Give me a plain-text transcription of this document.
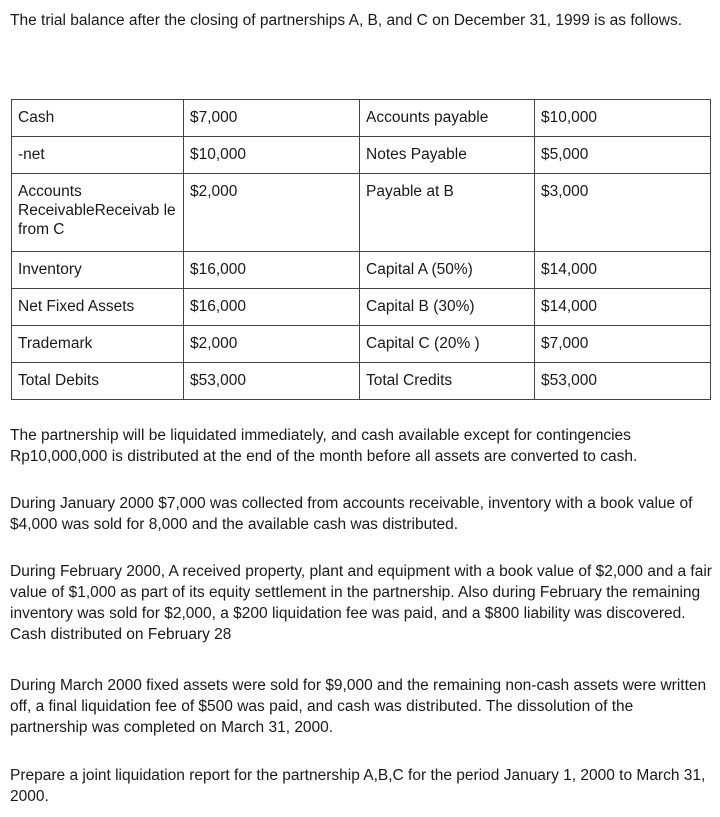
The trial balance after the closing of partnerships A, B, and C on December 31, 1999 is as follows.
Cash	$7,000	Accounts payable	$10,000
-net	$10,000	Notes Payable	$5,000
Accounts ReceivableReceivab le from C	$2,000	Payable at B	$3,000
Inventory	$16,000	Capital A (50%)	$14,000
Net Fixed Assets	$16,000	Capital B (30%)	$14,000
Trademark	$2,000	Capital C (20% )	$7,000
Total Debits	$53,000	Total Credits	$53,000

The partnership will be liquidated immediately, and cash available except for contingencies Rp10,000,000 is distributed at the end of the month before all assets are converted to cash.

During January 2000 $7,000 was collected from accounts receivable, inventory with a book value of $4,000 was sold for 8,000 and the available cash was distributed.

During February 2000, A received property, plant and equipment with a book value of $2,000 and a fair value of $1,000 as part of its equity settlement in the partnership. Also during February the remaining inventory was sold for $2,000, a $200 liquidation fee was paid, and a $800 liability was discovered. Cash distributed on February 28

During March 2000 fixed assets were sold for $9,000 and the remaining non-cash assets were written off, a final liquidation fee of $500 was paid, and cash was distributed. The dissolution of the partnership was completed on March 31, 2000.

Prepare a joint liquidation report for the partnership A,B,C for the period January 1, 2000 to March 31, 2000.
